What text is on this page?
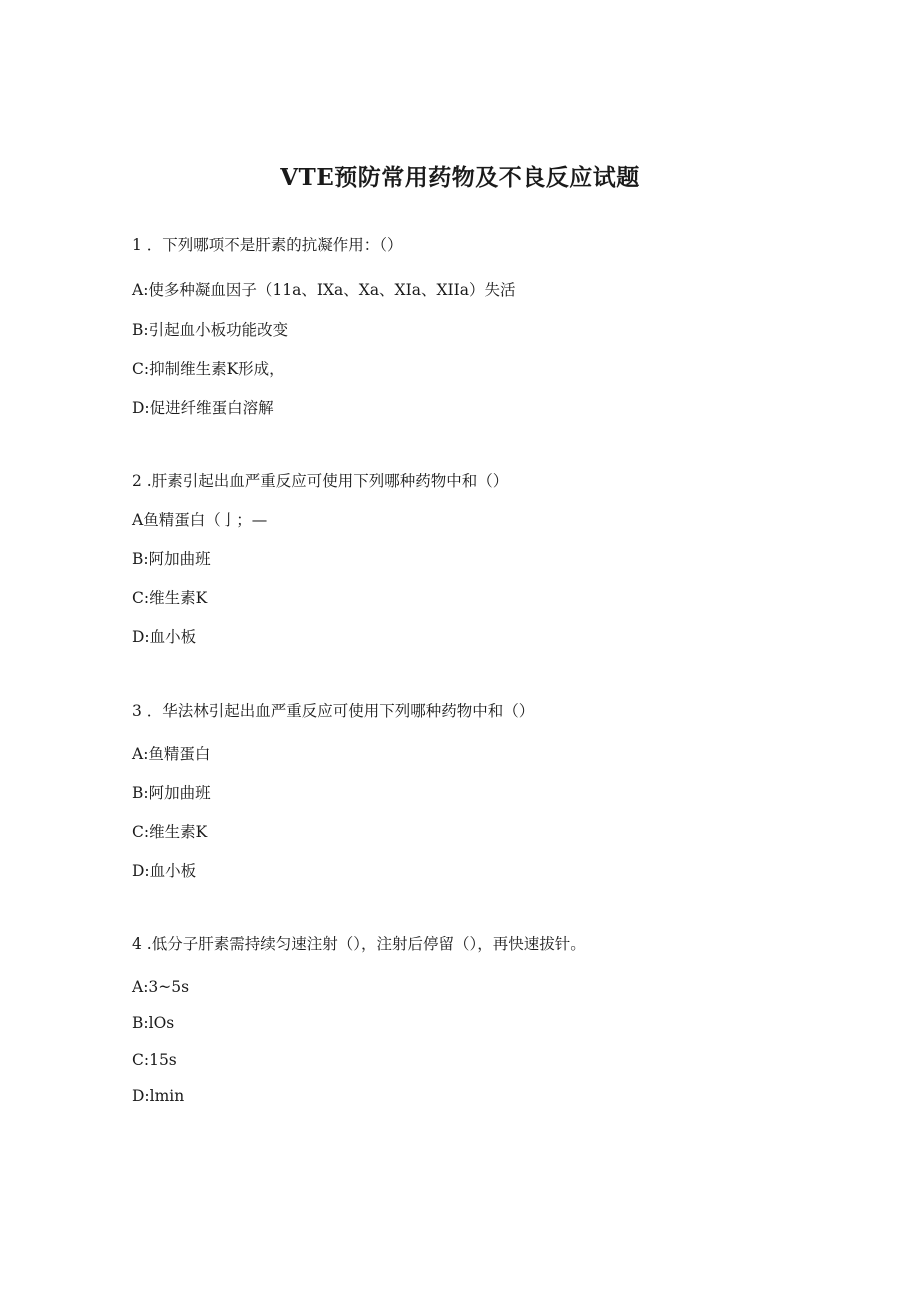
VTE预防常用药物及不良反应试题
1 ．下列哪项不是肝素的抗凝作用：（）
A:使多种凝血因子（11a、IXa、Xa、XIa、XIIa）失活
B:引起血小板功能改变
C:抑制维生素K形成，
D:促进纤维蛋白溶解
2 .肝素引起出血严重反应可使用下列哪种药物中和（）
A鱼精蛋白（亅；—
B:阿加曲班
C:维生素K
D:血小板
3 ．华法林引起出血严重反应可使用下列哪种药物中和（）
A:鱼精蛋白
B:阿加曲班
C:维生素K
D:血小板
4 .低分子肝素需持续匀速注射（），注射后停留（），再快速拔针。
A:3~5s
B:lOs
C:15s
D:lmin
